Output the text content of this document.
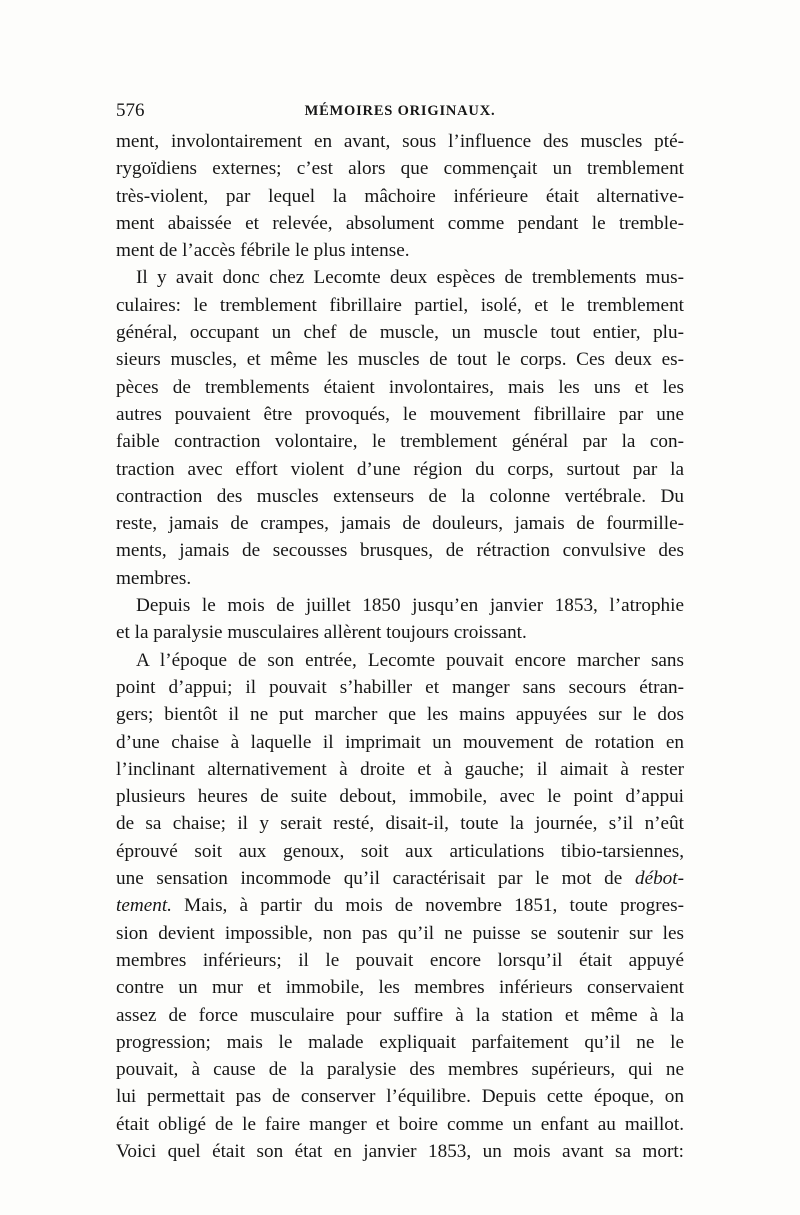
576	MÉMOIRES ORIGINAUX.
ment, involontairement en avant, sous l’influence des muscles pté-
rygoïdiens externes; c’est alors que commençait un tremblement
très-violent, par lequel la mâchoire inférieure était alternative-
ment abaissée et relevée, absolument comme pendant le tremble-
ment de l’accès fébrile le plus intense.
Il y avait donc chez Lecomte deux espèces de tremblements mus-
culaires: le tremblement fibrillaire partiel, isolé, et le tremblement
général, occupant un chef de muscle, un muscle tout entier, plu-
sieurs muscles, et même les muscles de tout le corps. Ces deux es-
pèces de tremblements étaient involontaires, mais les uns et les
autres pouvaient être provoqués, le mouvement fibrillaire par une
faible contraction volontaire, le tremblement général par la con-
traction avec effort violent d’une région du corps, surtout par la
contraction des muscles extenseurs de la colonne vertébrale. Du
reste, jamais de crampes, jamais de douleurs, jamais de fourmille-
ments, jamais de secousses brusques, de rétraction convulsive des
membres.
Depuis le mois de juillet 1850 jusqu’en janvier 1853, l’atrophie
et la paralysie musculaires allèrent toujours croissant.
A l’époque de son entrée, Lecomte pouvait encore marcher sans
point d’appui; il pouvait s’habiller et manger sans secours étran-
gers; bientôt il ne put marcher que les mains appuyées sur le dos
d’une chaise à laquelle il imprimait un mouvement de rotation en
l’inclinant alternativement à droite et à gauche; il aimait à rester
plusieurs heures de suite debout, immobile, avec le point d’appui
de sa chaise; il y serait resté, disait-il, toute la journée, s’il n’eût
éprouvé soit aux genoux, soit aux articulations tibio-tarsiennes,
une sensation incommode qu’il caractérisait par le mot de débot-
tement. Mais, à partir du mois de novembre 1851, toute progres-
sion devient impossible, non pas qu’il ne puisse se soutenir sur les
membres inférieurs; il le pouvait encore lorsqu’il était appuyé
contre un mur et immobile, les membres inférieurs conservaient
assez de force musculaire pour suffire à la station et même à la
progression; mais le malade expliquait parfaitement qu’il ne le
pouvait, à cause de la paralysie des membres supérieurs, qui ne
lui permettait pas de conserver l’équilibre. Depuis cette époque, on
était obligé de le faire manger et boire comme un enfant au maillot.
Voici quel était son état en janvier 1853, un mois avant sa mort:
